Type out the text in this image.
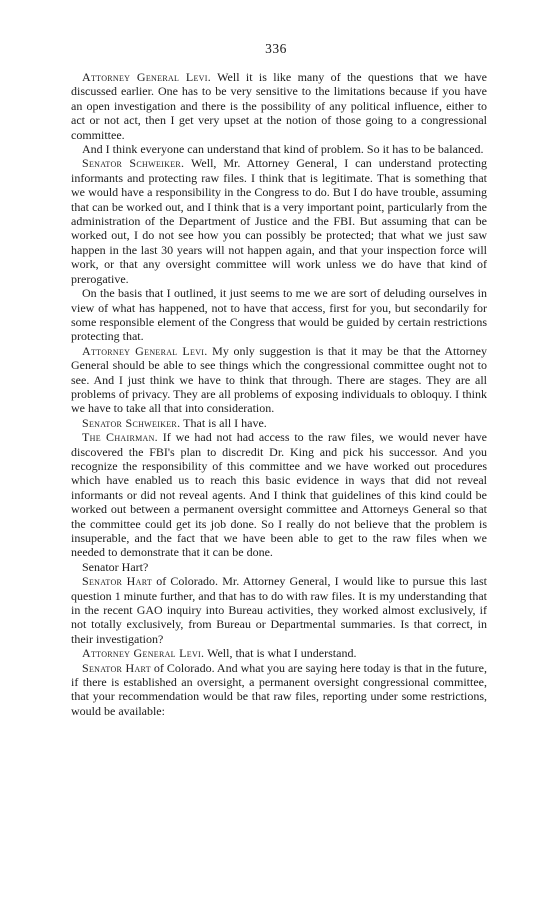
336

Attorney General Levi. Well it is like many of the questions that we have discussed earlier. One has to be very sensitive to the limitations because if you have an open investigation and there is the possibility of any political influence, either to act or not act, then I get very upset at the notion of those going to a congressional committee.

And I think everyone can understand that kind of problem. So it has to be balanced.

Senator Schweiker. Well, Mr. Attorney General, I can understand protecting informants and protecting raw files. I think that is legitimate. That is something that we would have a responsibility in the Congress to do. But I do have trouble, assuming that can be worked out, and I think that is a very important point, particularly from the administration of the Department of Justice and the FBI. But assuming that can be worked out, I do not see how you can possibly be protected; that what we just saw happen in the last 30 years will not happen again, and that your inspection force will work, or that any oversight committee will work unless we do have that kind of prerogative.

On the basis that I outlined, it just seems to me we are sort of deluding ourselves in view of what has happened, not to have that access, first for you, but secondarily for some responsible element of the Congress that would be guided by certain restrictions protecting that.

Attorney General Levi. My only suggestion is that it may be that the Attorney General should be able to see things which the congressional committee ought not to see. And I just think we have to think that through. There are stages. They are all problems of privacy. They are all problems of exposing individuals to obloquy. I think we have to take all that into consideration.

Senator Schweiker. That is all I have.

The Chairman. If we had not had access to the raw files, we would never have discovered the FBI's plan to discredit Dr. King and pick his successor. And you recognize the responsibility of this committee and we have worked out procedures which have enabled us to reach this basic evidence in ways that did not reveal informants or did not reveal agents. And I think that guidelines of this kind could be worked out between a permanent oversight committee and Attorneys General so that the committee could get its job done. So I really do not believe that the problem is insuperable, and the fact that we have been able to get to the raw files when we needed to demonstrate that it can be done.

Senator Hart?

Senator Hart of Colorado. Mr. Attorney General, I would like to pursue this last question 1 minute further, and that has to do with raw files. It is my understanding that in the recent GAO inquiry into Bureau activities, they worked almost exclusively, if not totally exclusively, from Bureau or Departmental summaries. Is that correct, in their investigation?

Attorney General Levi. Well, that is what I understand.

Senator Hart of Colorado. And what you are saying here today is that in the future, if there is established an oversight, a permanent oversight congressional committee, that your recommendation would be that raw files, reporting under some restrictions, would be available:
